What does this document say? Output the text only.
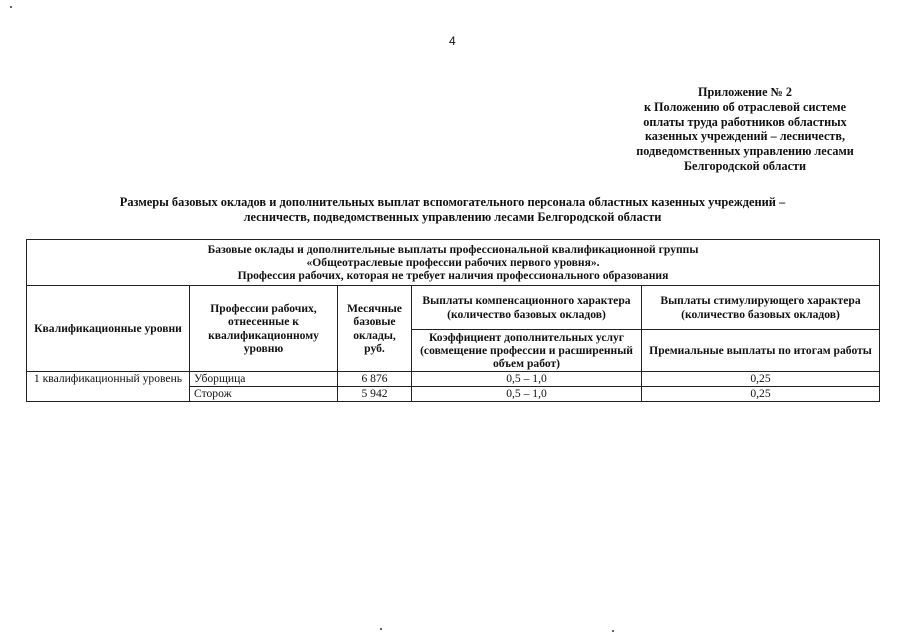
4
Приложение № 2
к Положению об отраслевой системе
оплаты труда работников областных
казенных учреждений – лесничеств,
подведомственных управлению лесами
Белгородской области
Размеры базовых окладов и дополнительных выплат вспомогательного персонала областных казенных учреждений –
лесничеств, подведомственных управлению лесами Белгородской области
Базовые оклады и дополнительные выплаты профессиональной квалификационной группы
«Общеотраслевые профессии рабочих первого уровня».
Профессия рабочих, которая не требует наличия профессионального образования				

Квалификационные уровни	Профессии рабочих, отнесенные к квалификационному уровню	Месячные базовые оклады, руб.	Выплаты компенсационного характера (количество базовых окладов)	Выплаты стимулирующего характера (количество базовых окладов)
			Коэффициент дополнительных услуг (совмещение профессии и расширенный объем работ)	Премиальные выплаты по итогам работы
1 квалификационный уровень	Уборщица	6 876	0,5 – 1,0	0,25
	Сторож	5 942	0,5 – 1,0	0,25
